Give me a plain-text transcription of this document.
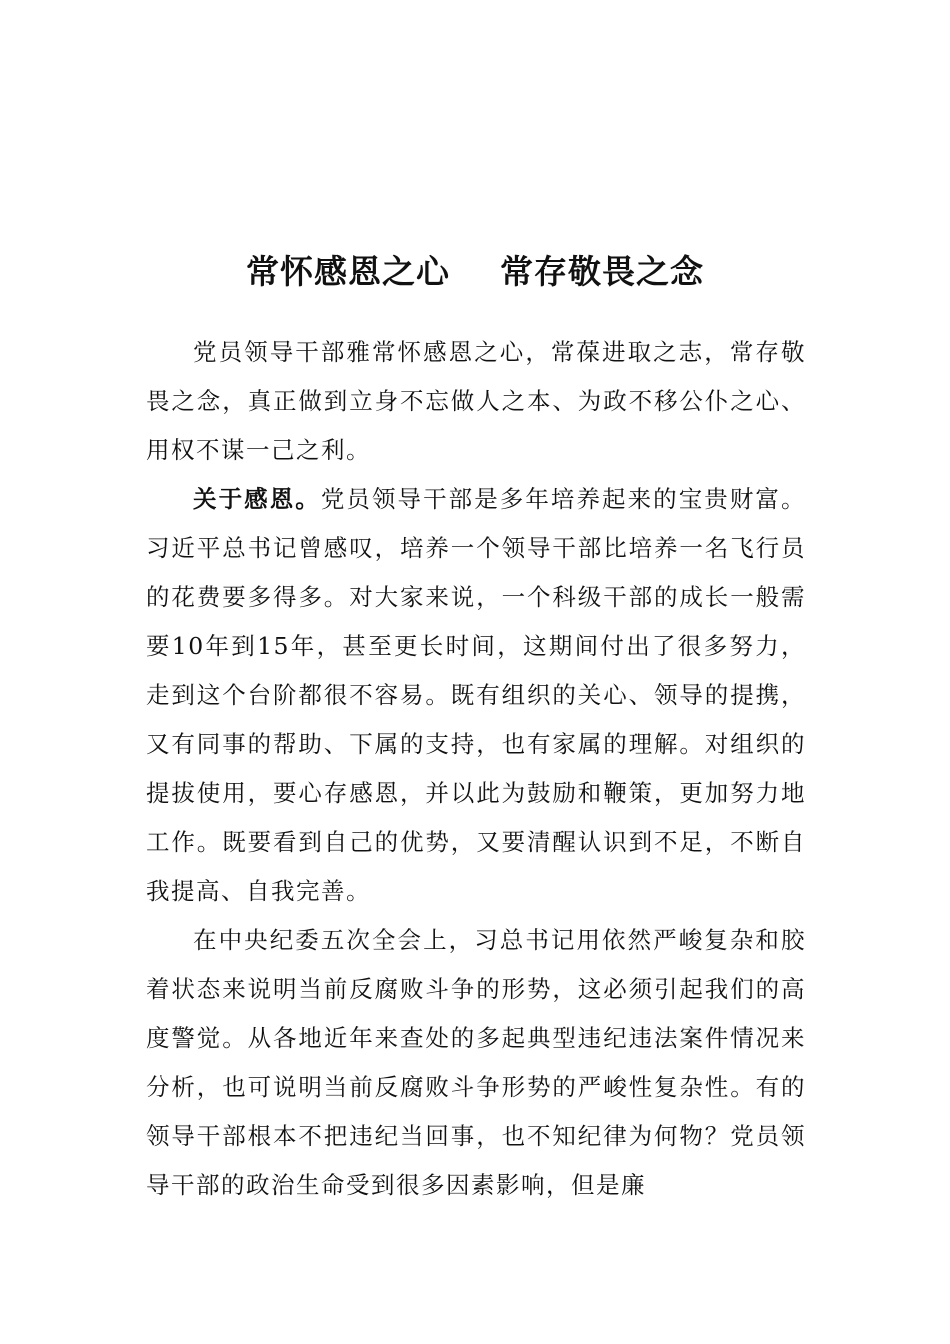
常怀感恩之心    常存敬畏之念

党员领导干部雅常怀感恩之心，常葆进取之志，常存敬畏之念，真正做到立身不忘做人之本、为政不移公仆之心、用权不谋一己之利。

关于感恩。党员领导干部是多年培养起来的宝贵财富。习近平总书记曾感叹，培养一个领导干部比培养一名飞行员的花费要多得多。对大家来说，一个科级干部的成长一般需要10年到15年，甚至更长时间，这期间付出了很多努力，走到这个台阶都很不容易。既有组织的关心、领导的提携，又有同事的帮助、下属的支持，也有家属的理解。对组织的提拔使用，要心存感恩，并以此为鼓励和鞭策，更加努力地工作。既要看到自己的优势，又要清醒认识到不足，不断自我提高、自我完善。

在中央纪委五次全会上，习总书记用依然严峻复杂和胶着状态来说明当前反腐败斗争的形势，这必须引起我们的高度警觉。从各地近年来查处的多起典型违纪违法案件情况来分析，也可说明当前反腐败斗争形势的严峻性复杂性。有的领导干部根本不把违纪当回事，也不知纪律为何物？党员领导干部的政治生命受到很多因素影响，但是廉
